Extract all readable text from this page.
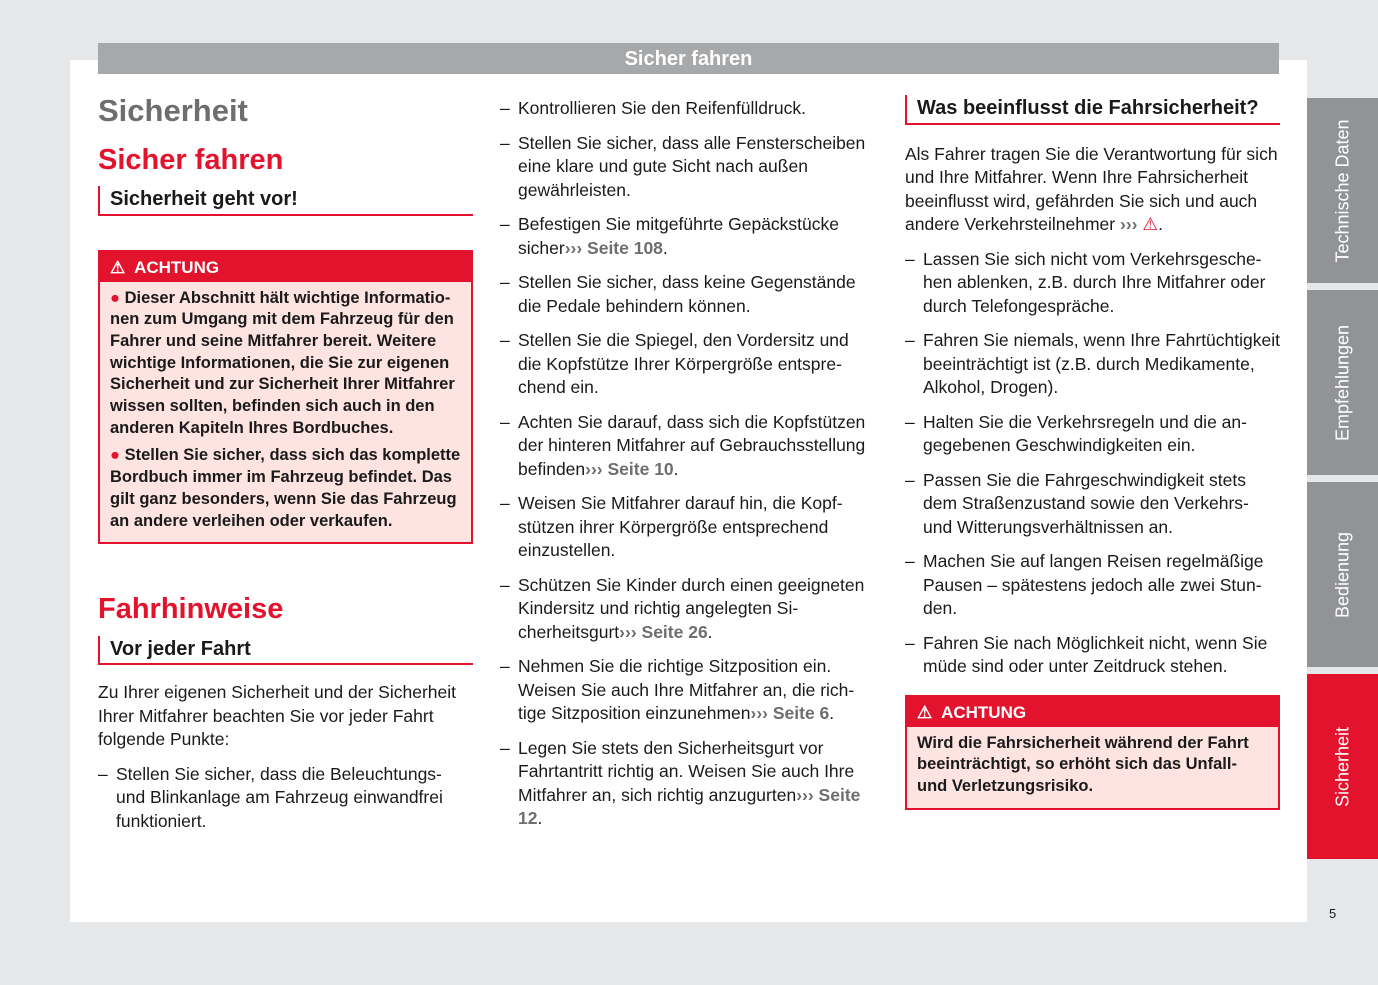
Sicher fahren
Sicherheit
Sicher fahren
Sicherheit geht vor!
⚠ ACHTUNG
● Dieser Abschnitt hält wichtige Informationen zum Umgang mit dem Fahrzeug für den Fahrer und seine Mitfahrer bereit. Weitere wichtige Informationen, die Sie zur eigenen Sicherheit und zur Sicherheit Ihrer Mitfahrer wissen sollten, befinden sich auch in den anderen Kapiteln Ihres Bordbuches.
● Stellen Sie sicher, dass sich das komplette Bordbuch immer im Fahrzeug befindet. Das gilt ganz besonders, wenn Sie das Fahrzeug an andere verleihen oder verkaufen.
Fahrhinweise
Vor jeder Fahrt

Zu Ihrer eigenen Sicherheit und der Sicherheit Ihrer Mitfahrer beachten Sie vor jeder Fahrt folgende Punkte:

– Stellen Sie sicher, dass die Beleuchtungs- und Blinkanlage am Fahrzeug einwandfrei funktioniert.
– Kontrollieren Sie den Reifenfülldruck.
– Stellen Sie sicher, dass alle Fensterscheiben eine klare und gute Sicht nach außen gewährleisten.
– Befestigen Sie mitgeführte Gepäckstücke sicher››› Seite 108.
– Stellen Sie sicher, dass keine Gegenstände die Pedale behindern können.
– Stellen Sie die Spiegel, den Vordersitz und die Kopfstütze Ihrer Körpergröße entsprechend ein.
– Achten Sie darauf, dass sich die Kopfstützen der hinteren Mitfahrer auf Gebrauchsstellung befinden››› Seite 10.
– Weisen Sie Mitfahrer darauf hin, die Kopfstützen ihrer Körpergröße entsprechend einzustellen.
– Schützen Sie Kinder durch einen geeigneten Kindersitz und richtig angelegten Sicherheitsgurt››› Seite 26.
– Nehmen Sie die richtige Sitzposition ein. Weisen Sie auch Ihre Mitfahrer an, die richtige Sitzposition einzunehmen››› Seite 6.
– Legen Sie stets den Sicherheitsgurt vor Fahrtantritt richtig an. Weisen Sie auch Ihre Mitfahrer an, sich richtig anzugurten››› Seite 12.
Was beeinflusst die Fahrsicherheit?

Als Fahrer tragen Sie die Verantwortung für sich und Ihre Mitfahrer. Wenn Ihre Fahrsicherheit beeinflusst wird, gefährden Sie sich und auch andere Verkehrsteilnehmer ››› ⚠.

– Lassen Sie sich nicht vom Verkehrsgeschehen ablenken, z.B. durch Ihre Mitfahrer oder durch Telefongespräche.
– Fahren Sie niemals, wenn Ihre Fahrtüchtigkeit beeinträchtigt ist (z.B. durch Medikamente, Alkohol, Drogen).
– Halten Sie die Verkehrsregeln und die angegebenen Geschwindigkeiten ein.
– Passen Sie die Fahrgeschwindigkeit stets dem Straßenzustand sowie den Verkehrs- und Witterungsverhältnissen an.
– Machen Sie auf langen Reisen regelmäßige Pausen – spätestens jedoch alle zwei Stunden.
– Fahren Sie nach Möglichkeit nicht, wenn Sie müde sind oder unter Zeitdruck stehen.
⚠ ACHTUNG
Wird die Fahrsicherheit während der Fahrt beeinträchtigt, so erhöht sich das Unfall- und Verletzungsrisiko.
Technische Daten
Empfehlungen
Bedienung
Sicherheit
5
